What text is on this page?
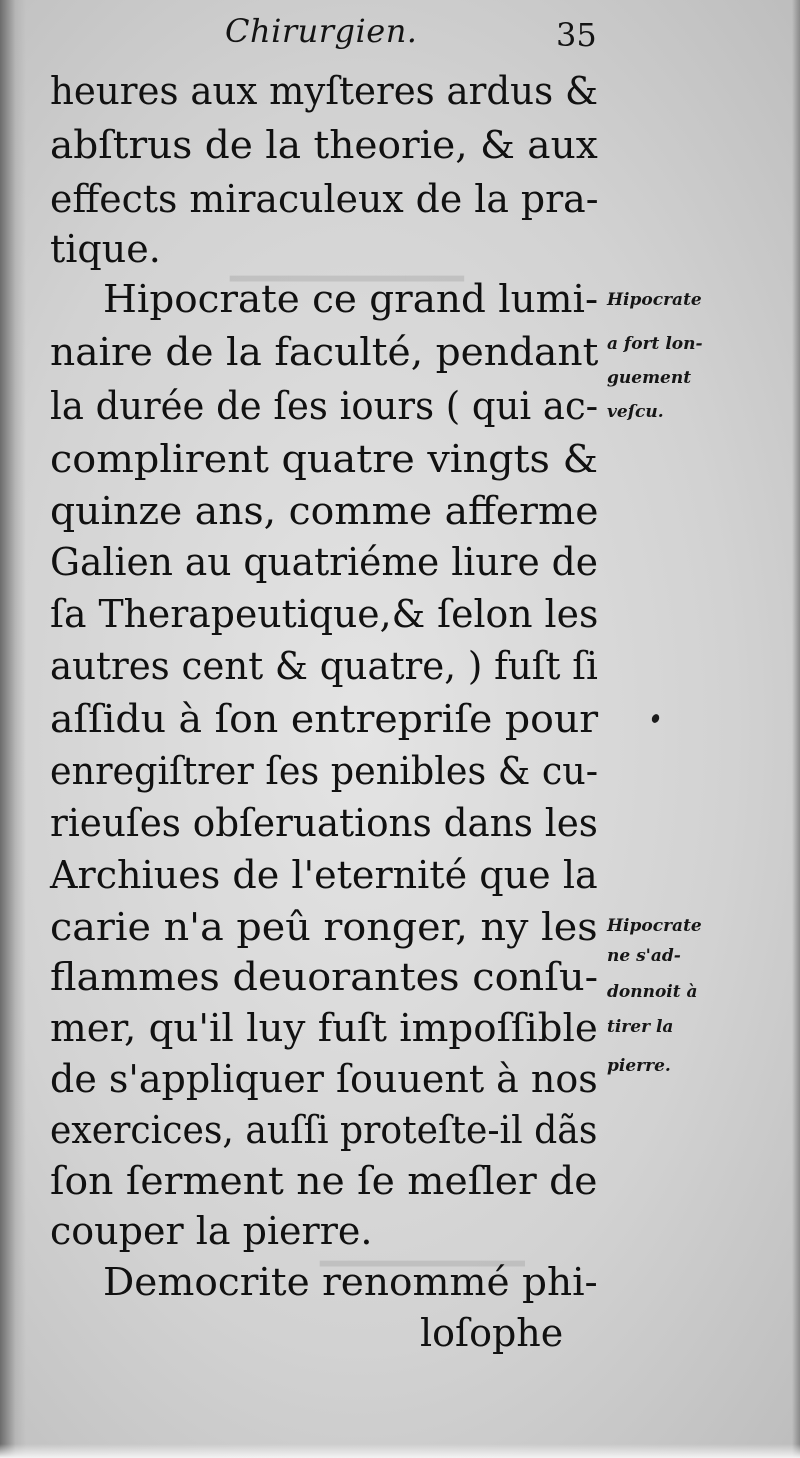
▁▁▁▁▁▁▁▁
▁▁▁▁▁▁▁
Chirurgien.	35
heures aux myſteres ardus &
abſtrus de la theorie, & aux
effects miraculeux de la pra-
tique.
Hipocrate ce grand lumi-
naire de la faculté, pendant
la durée de ſes iours ( qui ac-
complirent quatre vingts &
quinze ans, comme afferme
Galien au quatriéme liure de
ſa Therapeutique,& ſelon les
autres cent & quatre, ) fuſt ſi
aſſidu à ſon entrepriſe pour
enregiſtrer ſes penibles & cu-
rieuſes obſeruations dans les
Archiues de l'eternité que la
carie n'a peû ronger, ny les
flammes deuorantes conſu-
mer, qu'il luy fuſt impoſſible
de s'appliquer ſouuent à nos
exercices, auſſi proteſte-il dãs
ſon ſerment ne ſe meſler de
couper la pierre.
Democrite renommé phi-
loſophe
Hipocrate
a fort lon-
guement
veſcu.
Hipocrate
ne s'ad-
donnoit à
tirer la
pierre.
